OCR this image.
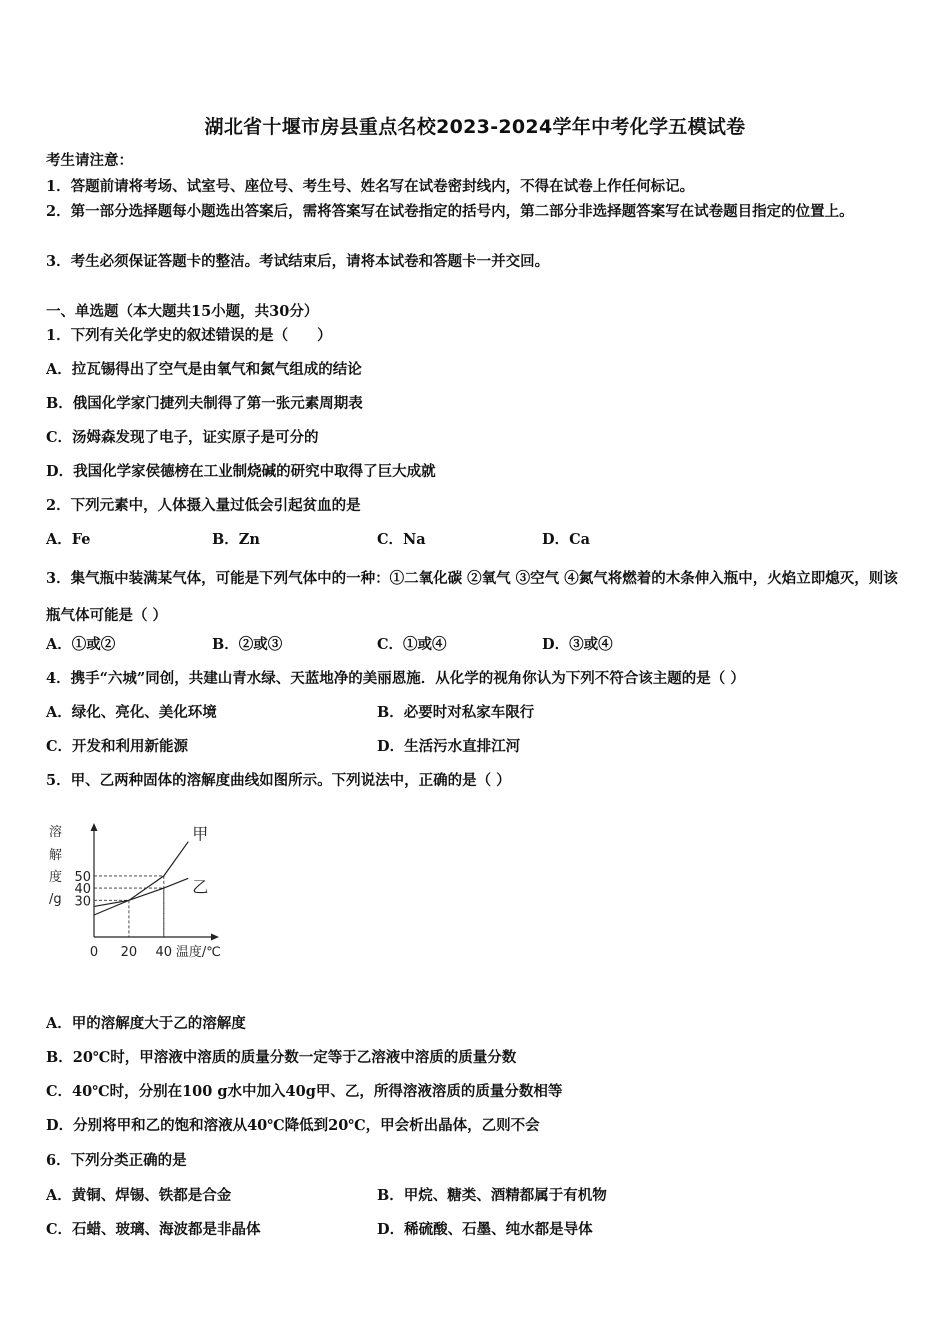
湖北省十堰市房县重点名校2023-2024学年中考化学五模试卷
考生请注意：
1．答题前请将考场、试室号、座位号、考生号、姓名写在试卷密封线内，不得在试卷上作任何标记。
2．第一部分选择题每小题选出答案后，需将答案写在试卷指定的括号内，第二部分非选择题答案写在试卷题目指定的位置上。
3．考生必须保证答题卡的整洁。考试结束后，请将本试卷和答题卡一并交回。
一、单选题（本大题共15小题，共30分）
1．下列有关化学史的叙述错误的是（　　）
A．拉瓦锡得出了空气是由氧气和氮气组成的结论
B．俄国化学家门捷列夫制得了第一张元素周期表
C．汤姆森发现了电子，证实原子是可分的
D．我国化学家侯德榜在工业制烧碱的研究中取得了巨大成就
2．下列元素中，人体摄入量过低会引起贫血的是
A．Fe	B．Zn	C．Na	D．Ca
3．集气瓶中装满某气体，可能是下列气体中的一种：①二氧化碳 ②氧气 ③空气 ④氮气将燃着的木条伸入瓶中，火焰立即熄灭，则该瓶气体可能是（ ）
A．①或②	B．②或③	C．①或④	D．③或④
4．携手“六城”同创，共建山青水绿、天蓝地净的美丽恩施．从化学的视角你认为下列不符合该主题的是（ ）
A．绿化、亮化、美化环境	B．必要时对私家车限行
C．开发和利用新能源	D．生活污水直排江河
5．甲、乙两种固体的溶解度曲线如图所示。下列说法中，正确的是（ ）
溶
解
度
/g
甲
乙
30
40
50
0 20 40 温度/℃
A．甲的溶解度大于乙的溶解度
B．20℃时，甲溶液中溶质的质量分数一定等于乙溶液中溶质的质量分数
C．40℃时，分别在100 g水中加入40g甲、乙，所得溶液溶质的质量分数相等
D．分别将甲和乙的饱和溶液从40℃降低到20℃，甲会析出晶体，乙则不会
6．下列分类正确的是
A．黄铜、焊锡、铁都是合金	B．甲烷、糖类、酒精都属于有机物
C．石蜡、玻璃、海波都是非晶体	D．稀硫酸、石墨、纯水都是导体
